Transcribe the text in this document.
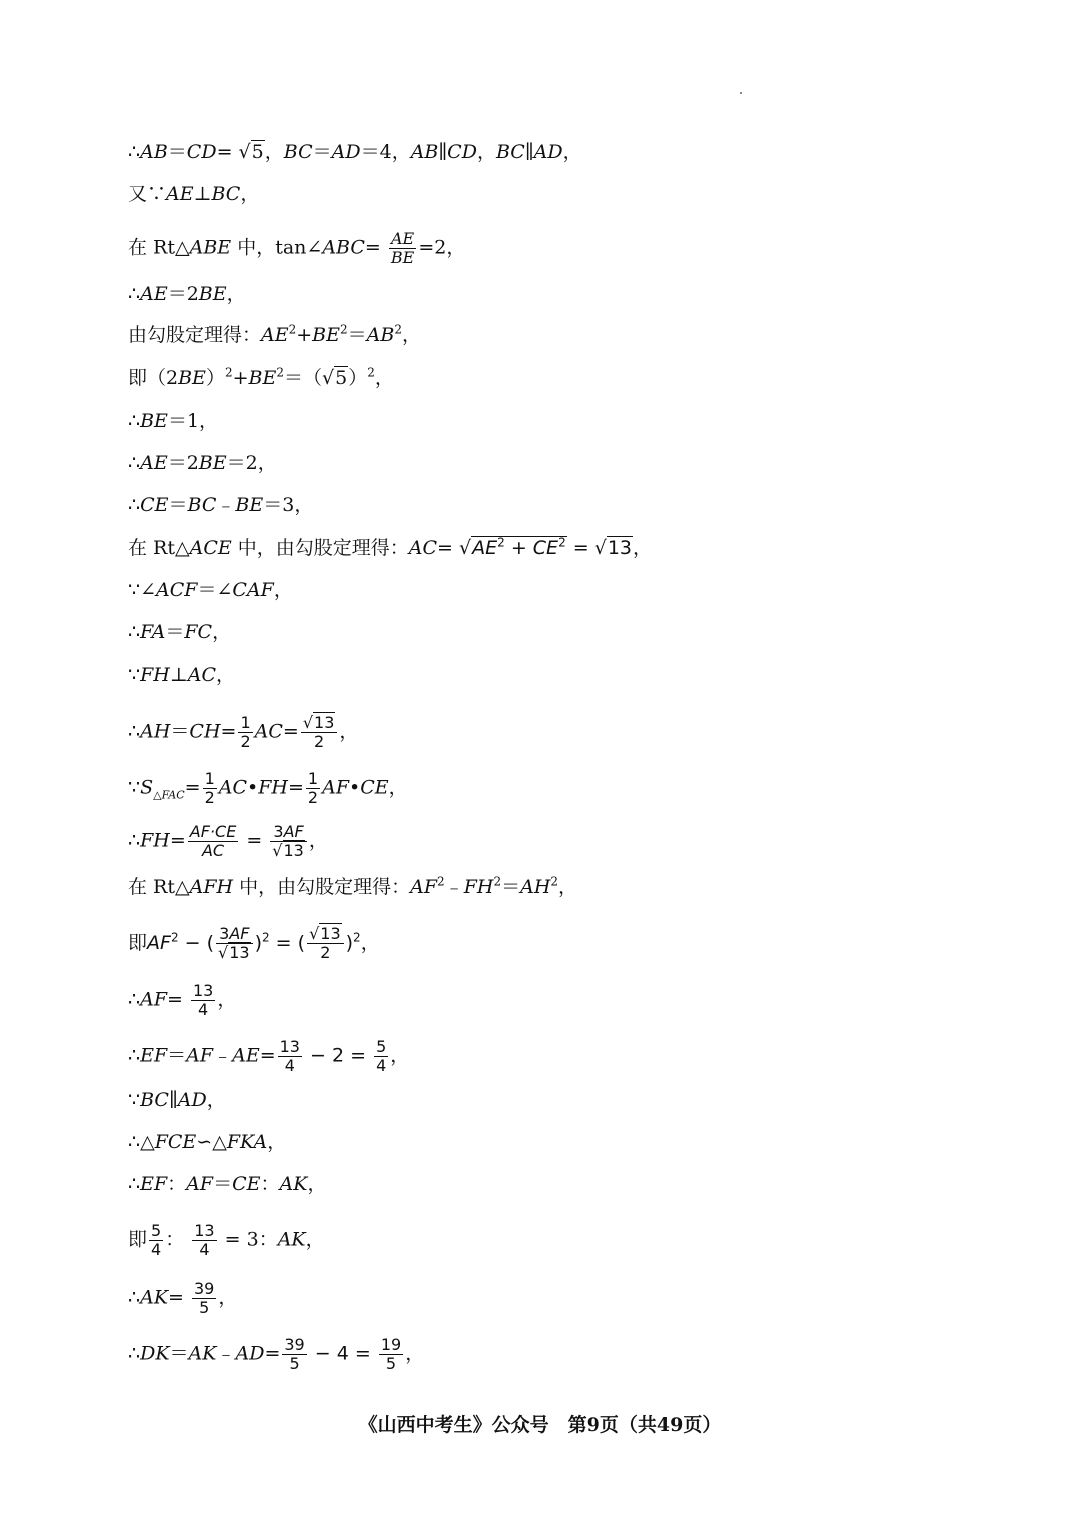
∴AB＝CD= √5，BC＝AD＝4，AB∥CD，BC∥AD，
又∵AE⊥BC，
在 Rt△ABE 中，tan∠ABC= $\frac{AE}{BE} =2$，
∴AE＝2BE，
由勾股定理得：$AE^2+BE^2=AB^2$，
即$(2BE)^2+BE^2=(√5)^2$，
∴BE＝1，
∴AE＝2BE＝2，
∴CE＝BC﹣BE＝3，
在 Rt△ACE 中，由勾股定理得：$AC= √AE^2 + CE^2 = √13$，
∵∠ACF＝∠CAF，
∴FA＝FC，
∵FH⊥AC，
∴AH＝CH= $\frac{1}{2} AC= \frac{√13}{2}$ ，
$\because S_{\triangle FAC}= \frac{1}{2}$ AC•FH= $\frac{1}{2}$ AF•CE，
∴FH= $\frac{AF\cdot CE}{AC} = \frac{3AF}{√13}$ ，
在 Rt△AFH 中，由勾股定理得：$AF^2﹣FH^2=AH^2$，
即$AF^2$ − ( $\frac{3AF}{√13} )^2$ = ( $\frac{√13}{2} )^2$，
∴AF= $\frac{13}{4}$ ，
∴EF＝AF﹣AE= $\frac{13}{4} - 2 = \frac{5}{4}$ ，
∵BC∥AD，
∴△FCE∽△FKA，
∴EF：AF＝CE：AK，
即 $\frac{5}{4}$ ： $\frac{13}{4} = 3$：AK，
∴AK= $\frac{39}{5}$ ，
∴DK＝AK﹣AD= $\frac{39}{5} - 4 = \frac{19}{5}$ ，
《山西中考生》公众号　第9页（共49页）
